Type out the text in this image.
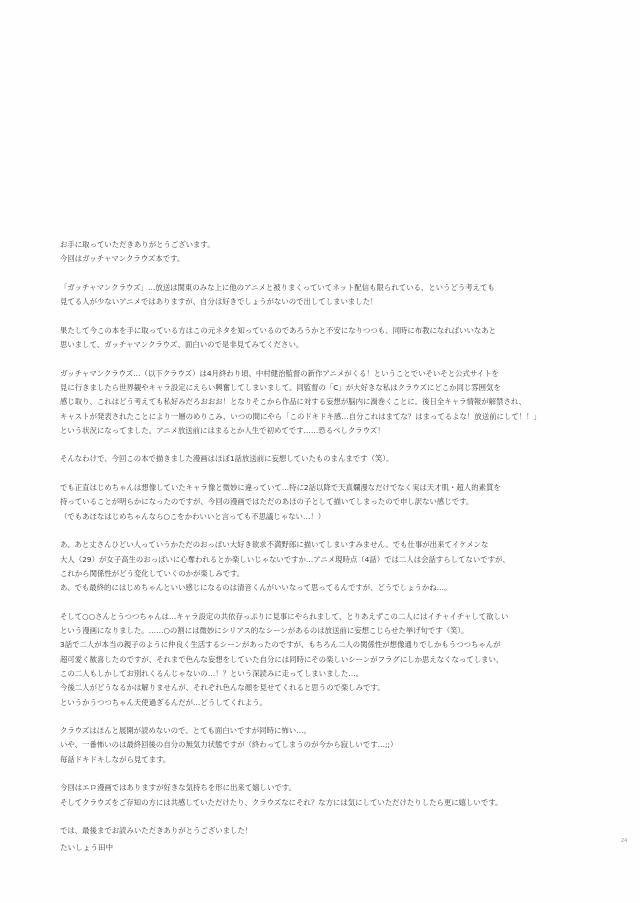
お手に取っていただきありがとうございます。
今回はガッチャマンクラウズ本です。
「ガッチャマンクラウズ」…放送は関東のみな上に他のアニメと被りまくっていてネット配信も限られている、というどう考えても
見てる人が少ないアニメではありますが、自分は好きでしょうがないので出してしまいました！
果たして今この本を手に取っている方はこの元ネタを知っているのであろうかと不安になりつつも、同時に布教になればいいなあと
思いまして、ガッチャマンクラウズ、面白いので是非見てみてください。
ガッチャマンクラウズ…（以下クラウズ）は4月終わり頃、中村健治監督の新作アニメがくる！ということでいそいそと公式サイトを
見に行きましたら世界観やキャラ設定にえらい興奮してしまいまして。同監督の「C」が大好きな私はクラウズにどこか同じ雰囲気を
感じ取り、これはどう考えても私好みだろおおお！となりそこから作品に対する妄想が脳内に渦巻くことに。後日全キャラ情報が解禁され、
キャストが発表されたことにより一層のめりこみ、いつの間にやら「このドキドキ感…自分これはまてな？はまってるよな！放送前にして！！」
という状況になってました。アニメ放送前にはまるとか人生で初めてです……恐るべしクラウズ！
そんなわけで、今回この本で描きました漫画はほぼ1話放送前に妄想していたものまんまです（笑）。
でも正直はじめちゃんは想像していたキャラ像と微妙に違っていて…特に2話以降で天真爛漫なだけでなく実は天才肌・超人的素質を
持っていることが明らかになったのですが、今回の漫画ではただのあほの子として描いてしまったので申し訳ない感じです。
（でもあほなはじめちゃんなら○こをかわいいと言っても不思議じゃない…！）
あ、あと丈さんひどい人っていうかただのおっぱい大好き欲求不満野郎に描いてしまいすみません。でも仕事が出来てイケメンな
大人（29）が女子高生のおっぱいに心奪われるとか楽しいじゃないですか…アニメ現時点（4話）では二人は会話すらしてないですが、
これから関係性がどう変化していくのかが楽しみです。
あ、でも最終的にはじめちゃんといい感じになるのは清音くんがいいなって思ってるんですが、どうでしょうかね…。
そして○○さんとうつつちゃんは…キャラ設定の共依存っぷりに見事にやられまして、とりあえずこの二人にはイチャイチャして欲しい
という漫画になりました。……○の割には微妙にシリアス的なシーンがあるのは放送前に妄想こじらせた挙げ句です（笑）。
3話で二人が本当の親子のように仲良く生活するシーンがあったのですが、もちろん二人の関係性が想像通りでしかもうつつちゃんが
超可愛く歓喜したのですが、それまで色んな妄想をしていた自分には同時にその楽しいシーンがフラグにしか思えなくなってしまい、
この二人もしかしてお別れくるんじゃないの…！？という深読みに走ってしまいました…。
今後二人がどうなるかは解りませんが、それぞれ色んな顔を見せてくれると思うので楽しみです。
というかうつつちゃん天使過ぎるんだが…どうしてくれよう。
クラウズはほんと展開が読めないので、とても面白いですが同時に怖い…。
いや、一番怖いのは最終回後の自分の無気力状態ですが（終わってしまうのが今から寂しいです…;;）
毎話ドキドキしながら見てます。
今回はエロ漫画ではありますが好きな気持ちを形に出来て嬉しいです。
そしてクラウズをご存知の方には共感していただけたり、クラウズなにそれ？な方には気にしていただけたりしたら更に嬉しいです。
では、最後までお読みいただきありがとうございました！
たいしょう田中
24
